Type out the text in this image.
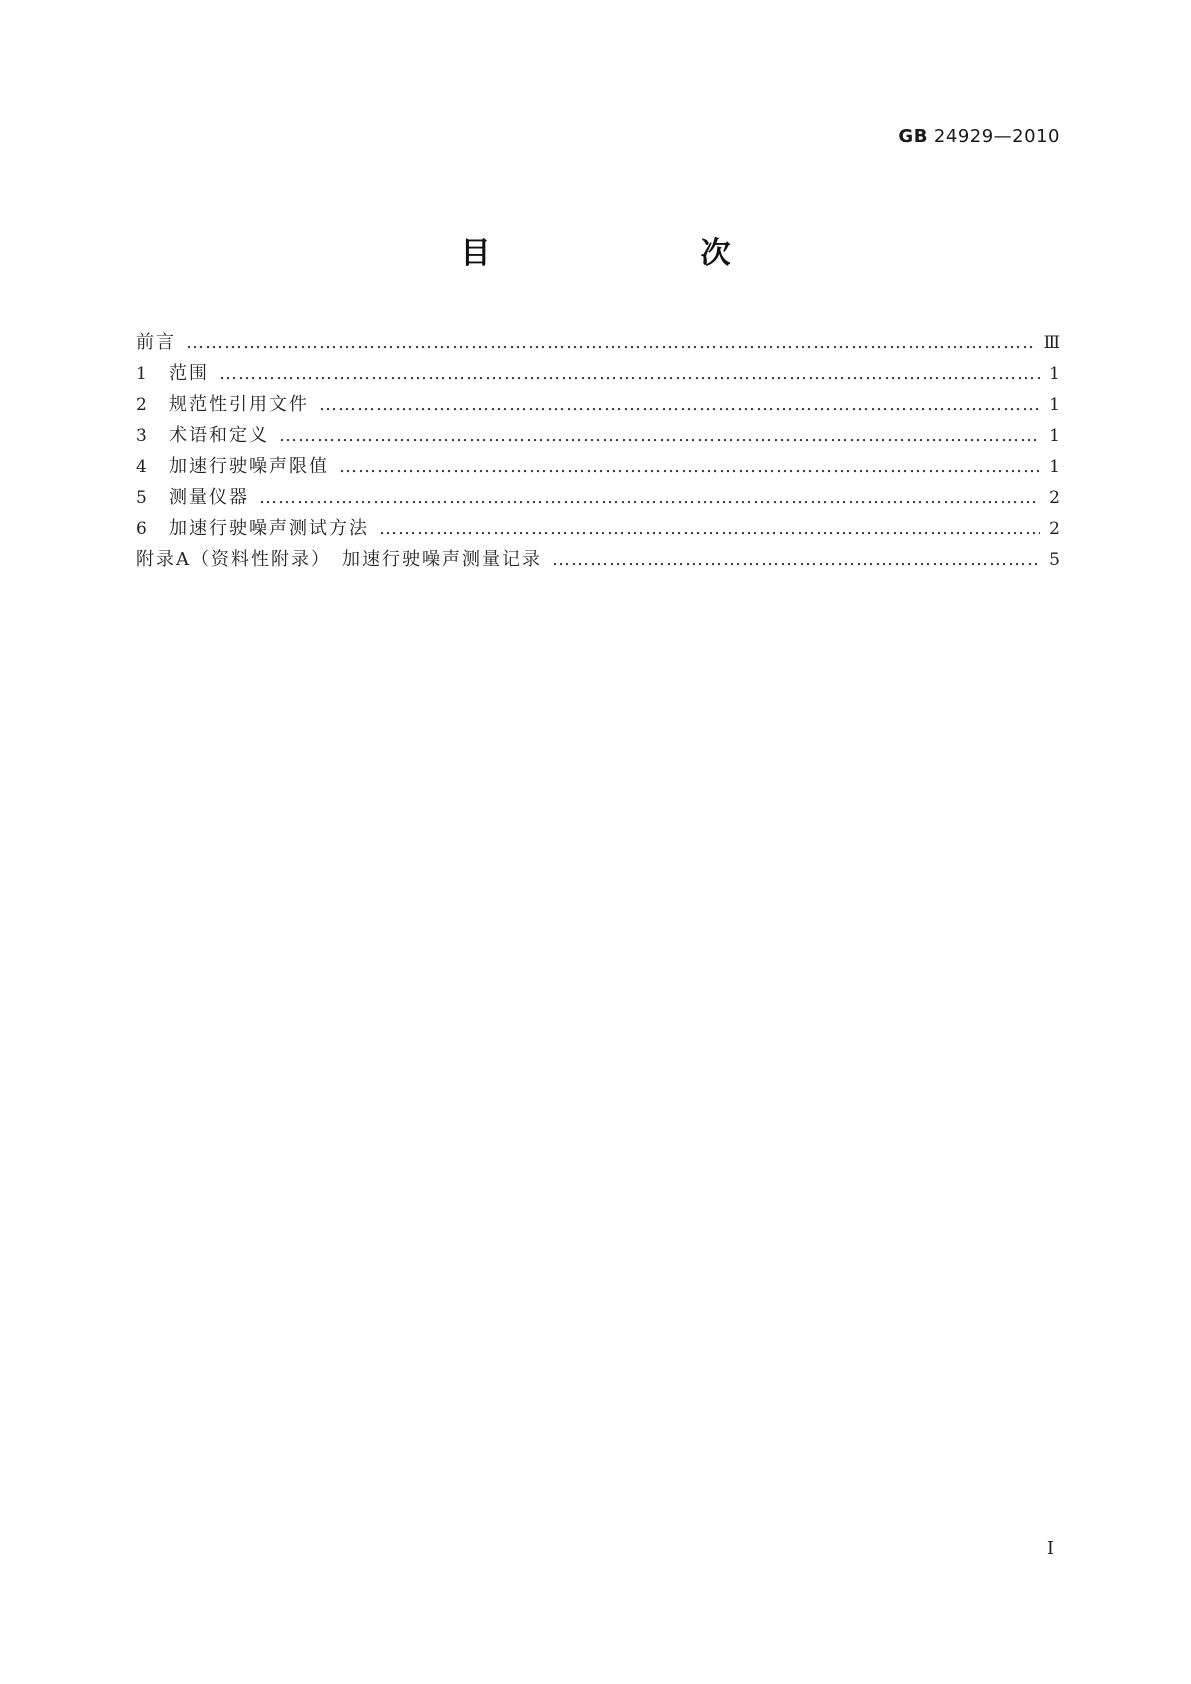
GB 24929—2010
目　　次
前言 ………………………………………………………………………………………………………………………………………………………………………………………………………………………………………………	Ⅲ
1	范围 ………………………………………………………………………………………………………………………………………………………………………………………………………………………………………………	1
2	规范性引用文件 ………………………………………………………………………………………………………………………………………………………………………………………………………………………………………………	1
3	术语和定义 ………………………………………………………………………………………………………………………………………………………………………………………………………………………………………………	1
4	加速行驶噪声限值 ………………………………………………………………………………………………………………………………………………………………………………………………………………………………………………	1
5	测量仪器 ………………………………………………………………………………………………………………………………………………………………………………………………………………………………………………	2
6	加速行驶噪声测试方法 ………………………………………………………………………………………………………………………………………………………………………………………………………………………………………………	2
附录A（资料性附录）　加速行驶噪声测量记录 ………………………………………………………………………………………………………………………………………………………………………………………………………………………………………………	5
Ⅰ
